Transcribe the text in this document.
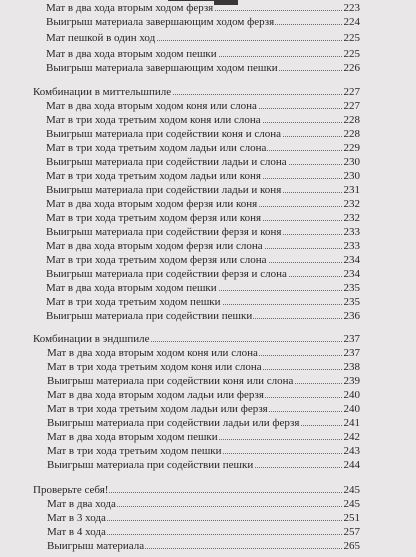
Мат в два хода вторым ходом ферзя	223
Выигрыш материала завершающим ходом ферзя	224
Мат пешкой в один ход	225
Мат в два хода вторым ходом пешки	225
Выигрыш материала завершающим ходом пешки	226
Комбинации в миттельшпиле	227
Мат в два хода вторым ходом коня или слона	227
Мат в три хода третьим ходом коня или слона	228
Выигрыш материала при содействии коня и слона	228
Мат в три хода третьим ходом ладьи или слона	229
Выигрыш материала при содействии ладьи и слона	230
Мат в три хода третьим ходом ладьи или коня	230
Выигрыш материала при содействии ладьи и коня	231
Мат в два хода вторым ходом ферзя или коня	232
Мат в три хода третьим ходом ферзя или коня	232
Выигрыш материала при содействии ферзя и коня	233
Мат в два хода вторым ходом ферзя или слона	233
Мат в три хода третьим ходом ферзя или слона	234
Выигрыш материала при содействии ферзя и слона	234
Мат в два хода вторым ходом пешки	235
Мат в три хода третьим ходом пешки	235
Выигрыш материала при содействии пешки	236
Комбинации в эндшпиле	237
Мат в два хода вторым ходом коня или слона	237
Мат в три хода третьим ходом коня или слона	238
Выигрыш материала при содействии коня или слона	239
Мат в два хода вторым ходом ладьи или ферзя	240
Мат в три хода третьим ходом ладьи или ферзя	240
Выигрыш материала при содействии ладьи или ферзя	241
Мат в два хода вторым ходом пешки	242
Мат в три хода третьим ходом пешки	243
Выигрыш материала при содействии пешки	244
Проверьте себя!	245
Мат в два хода	245
Мат в 3 хода	251
Мат в 4 хода	257
Выигрыш материала	265
